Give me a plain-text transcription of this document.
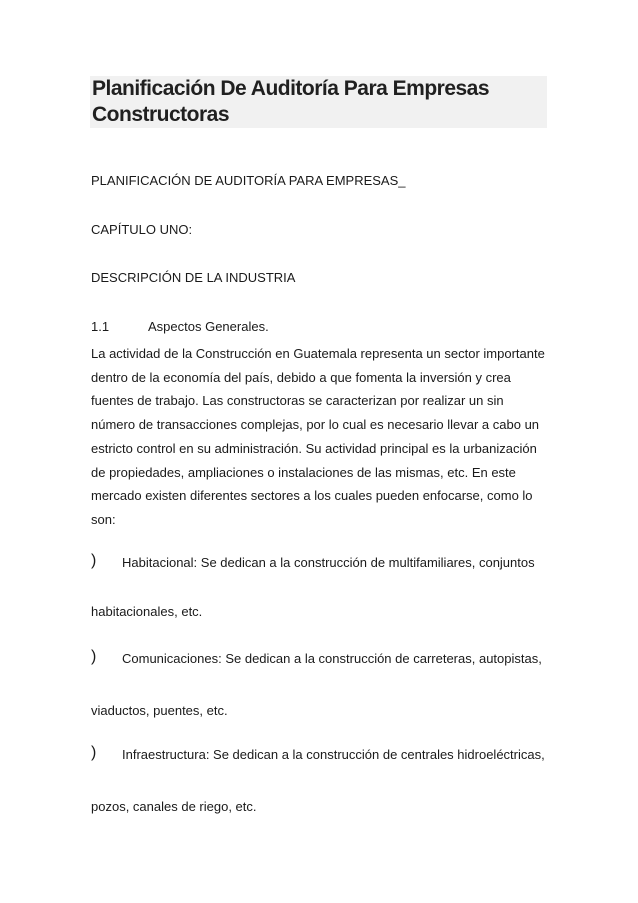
Planificación De Auditoría Para Empresas
Constructoras
PLANIFICACIÓN DE AUDITORÍA PARA EMPRESAS_
CAPÍTULO UNO:
DESCRIPCIÓN DE LA INDUSTRIA
1.1	Aspectos Generales.
La actividad de la Construcción en Guatemala representa un sector importante
dentro de la economía del país, debido a que fomenta la inversión y crea
fuentes de trabajo. Las constructoras se caracterizan por realizar un sin
número de transacciones complejas, por lo cual es necesario llevar a cabo un
estricto control en su administración. Su actividad principal es la urbanización
de propiedades, ampliaciones o instalaciones de las mismas, etc. En este
mercado existen diferentes sectores a los cuales pueden enfocarse, como lo
son:
) Habitacional: Se dedican a la construcción de multifamiliares, conjuntos
habitacionales, etc.
) Comunicaciones: Se dedican a la construcción de carreteras, autopistas,
viaductos, puentes, etc.
) Infraestructura: Se dedican a la construcción de centrales hidroeléctricas,
pozos, canales de riego, etc.
